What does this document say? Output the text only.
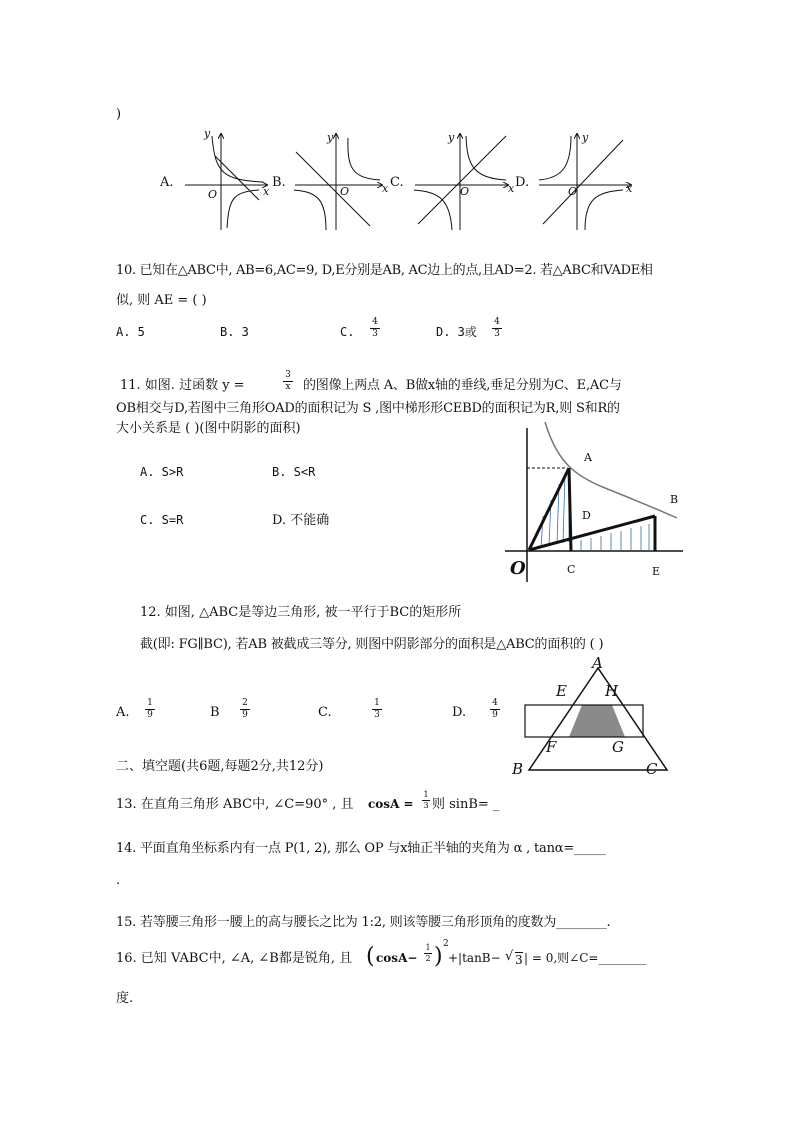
)
A.
y
O	x
B.
y
O	x C.
y
O	x D.
y
O	x
10. 已知在△ABC中, AB=6,AC=9, D,E分别是AB, AC边上的点,且AD=2. 若△ABC和VADE相
似, 则 AE = ( )
A. 5	B. 3	C. $\frac{4}{3}$	D. 3或 $\frac{4}{3}$
11. 如图. 过函数 y =	$\frac{3}{x}$ 的图像上两点 A、B做x轴的垂线,垂足分别为C、E,AC与
OB相交与D,若图中三角形OAD的面积记为 S ,图中梯形形CEBD的面积记为R,则 S和R的
大小关系是 ( )(图中阴影的面积)
A. S>R	B. S<R
C. S=R	D. 不能确
A
B
D
C	E
O
12. 如图, △ABC是等边三角形, 被一平行于BC的矩形所
截(即: FG∥BC), 若AB 被截成三等分, 则图中阴影部分的面积是△ABC的面积的 ( )
A. $\frac{1}{9}$	B $\frac{2}{9}$	C.	$\frac{1}{3}$	D.	$\frac{4}{9}$
A
E	H
F	G
B	C
二、填空题(共6题,每题2分,共12分)
13. 在直角三角形 ABC中, ∠C=90° , 且 $\cos A = \frac{1}{3}$ 则 sinB= _
14. 平面直角坐标系内有一点 P(1, 2), 那么 OP 与x轴正半轴的夹角为 α , tanα=_____
.
15. 若等腰三角形一腰上的高与腰长之比为 1:2, 则该等腰三角形顶角的度数为________.
16. 已知 VABC中, ∠A, ∠B都是锐角, 且 ( $\cos A- \frac{1}{2}$ ) 2
+|tanB− √ 3 | = 0,则∠C=________
度.
